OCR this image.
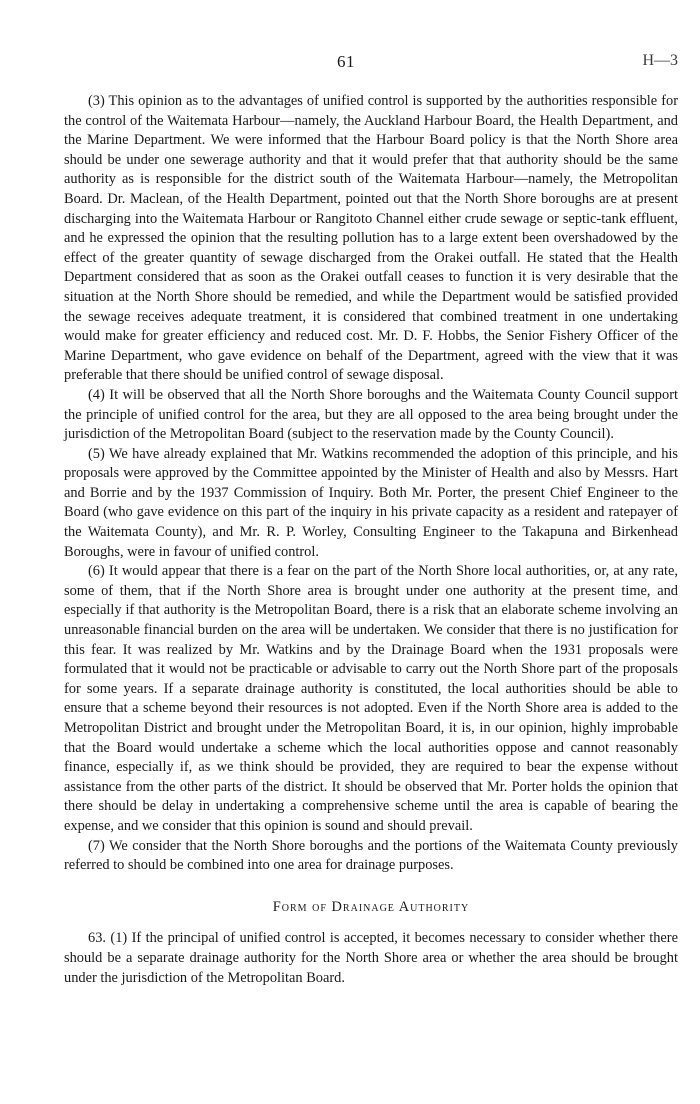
61	H—3

(3) This opinion as to the advantages of unified control is supported by the authorities responsible for the control of the Waitemata Harbour—namely, the Auckland Harbour Board, the Health Department, and the Marine Department. We were informed that the Harbour Board policy is that the North Shore area should be under one sewerage authority and that it would prefer that that authority should be the same authority as is responsible for the district south of the Waitemata Harbour—namely, the Metropolitan Board. Dr. Maclean, of the Health Department, pointed out that the North Shore boroughs are at present discharging into the Waitemata Harbour or Rangitoto Channel either crude sewage or septic-tank effluent, and he expressed the opinion that the resulting pollution has to a large extent been overshadowed by the effect of the greater quantity of sewage discharged from the Orakei outfall. He stated that the Health Department considered that as soon as the Orakei outfall ceases to function it is very desirable that the situation at the North Shore should be remedied, and while the Department would be satisfied provided the sewage receives adequate treatment, it is considered that combined treatment in one undertaking would make for greater efficiency and reduced cost. Mr. D. F. Hobbs, the Senior Fishery Officer of the Marine Department, who gave evidence on behalf of the Department, agreed with the view that it was preferable that there should be unified control of sewage disposal.

(4) It will be observed that all the North Shore boroughs and the Waitemata County Council support the principle of unified control for the area, but they are all opposed to the area being brought under the jurisdiction of the Metropolitan Board (subject to the reservation made by the County Council).

(5) We have already explained that Mr. Watkins recommended the adoption of this principle, and his proposals were approved by the Committee appointed by the Minister of Health and also by Messrs. Hart and Borrie and by the 1937 Commission of Inquiry. Both Mr. Porter, the present Chief Engineer to the Board (who gave evidence on this part of the inquiry in his private capacity as a resident and ratepayer of the Waitemata County), and Mr. R. P. Worley, Consulting Engineer to the Takapuna and Birkenhead Boroughs, were in favour of unified control.

(6) It would appear that there is a fear on the part of the North Shore local authorities, or, at any rate, some of them, that if the North Shore area is brought under one authority at the present time, and especially if that authority is the Metropolitan Board, there is a risk that an elaborate scheme involving an unreasonable financial burden on the area will be undertaken. We consider that there is no justification for this fear. It was realized by Mr. Watkins and by the Drainage Board when the 1931 proposals were formulated that it would not be practicable or advisable to carry out the North Shore part of the proposals for some years. If a separate drainage authority is constituted, the local authorities should be able to ensure that a scheme beyond their resources is not adopted. Even if the North Shore area is added to the Metropolitan District and brought under the Metropolitan Board, it is, in our opinion, highly improbable that the Board would undertake a scheme which the local authorities oppose and cannot reasonably finance, especially if, as we think should be provided, they are required to bear the expense without assistance from the other parts of the district. It should be observed that Mr. Porter holds the opinion that there should be delay in undertaking a comprehensive scheme until the area is capable of bearing the expense, and we consider that this opinion is sound and should prevail.

(7) We consider that the North Shore boroughs and the portions of the Waitemata County previously referred to should be combined into one area for drainage purposes.

Form of Drainage Authority

63. (1) If the principal of unified control is accepted, it becomes necessary to consider whether there should be a separate drainage authority for the North Shore area or whether the area should be brought under the jurisdiction of the Metropolitan Board.
